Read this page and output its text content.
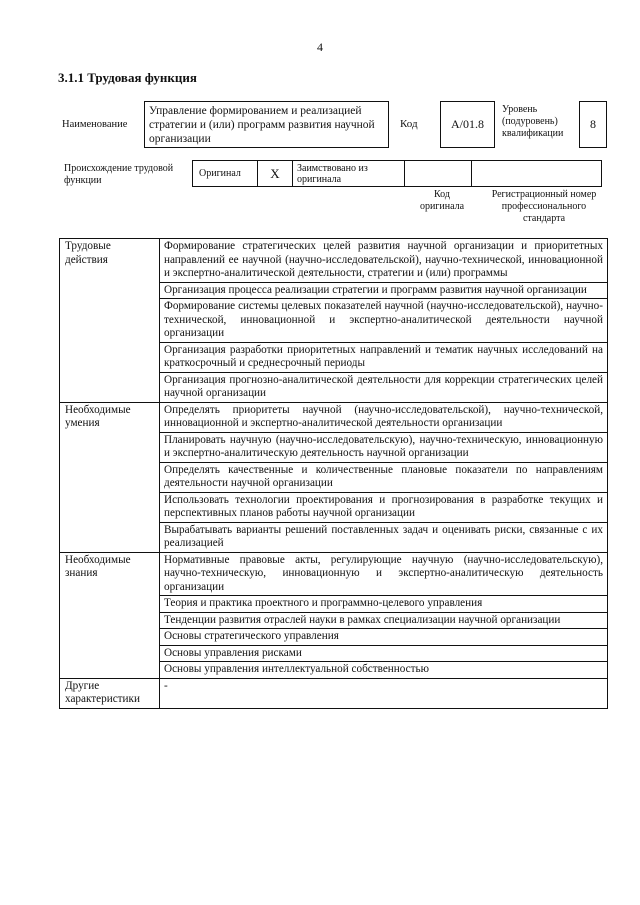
4
3.1.1 Трудовая функция
Наименование
Управление формированием и реализацией стратегии и (или) программ развития научной организации
Код	A/01.8
Уровень (подуровень) квалификации
8
Происхождение трудовой функции
Оригинал	X	Заимствовано из оригинала
Код оригинала
Регистрационный номер профессионального стандарта
Трудовые действия	Формирование стратегических целей развития научной организации и приоритетных направлений ее научной (научно-исследовательской), научно-технической, инновационной и экспертно-аналитической деятельности, стратегии и (или) программы
	Организация процесса реализации стратегии и программ развития научной организации
	Формирование системы целевых показателей научной (научно-исследовательской), научно-технической, инновационной и экспертно-аналитической деятельности научной организации
	Организация разработки приоритетных направлений и тематик научных исследований на краткосрочный и среднесрочный периоды
	Организация прогнозно-аналитической деятельности для коррекции стратегических целей научной организации
Необходимые умения	Определять приоритеты научной (научно-исследовательской), научно-технической, инновационной и экспертно-аналитической деятельности организации
	Планировать научную (научно-исследовательскую), научно-техническую, инновационную и экспертно-аналитическую деятельность научной организации
	Определять качественные и количественные плановые показатели по направлениям деятельности научной организации
	Использовать технологии проектирования и прогнозирования в разработке текущих и перспективных планов работы научной организации
	Вырабатывать варианты решений поставленных задач и оценивать риски, связанные с их реализацией
Необходимые знания	Нормативные правовые акты, регулирующие научную (научно-исследовательскую), научно-техническую, инновационную и экспертно-аналитическую деятельность организации
	Теория и практика проектного и программно-целевого управления
	Тенденции развития отраслей науки в рамках специализации научной организации
	Основы стратегического управления
	Основы управления рисками
	Основы управления интеллектуальной собственностью
Другие характеристики	-
